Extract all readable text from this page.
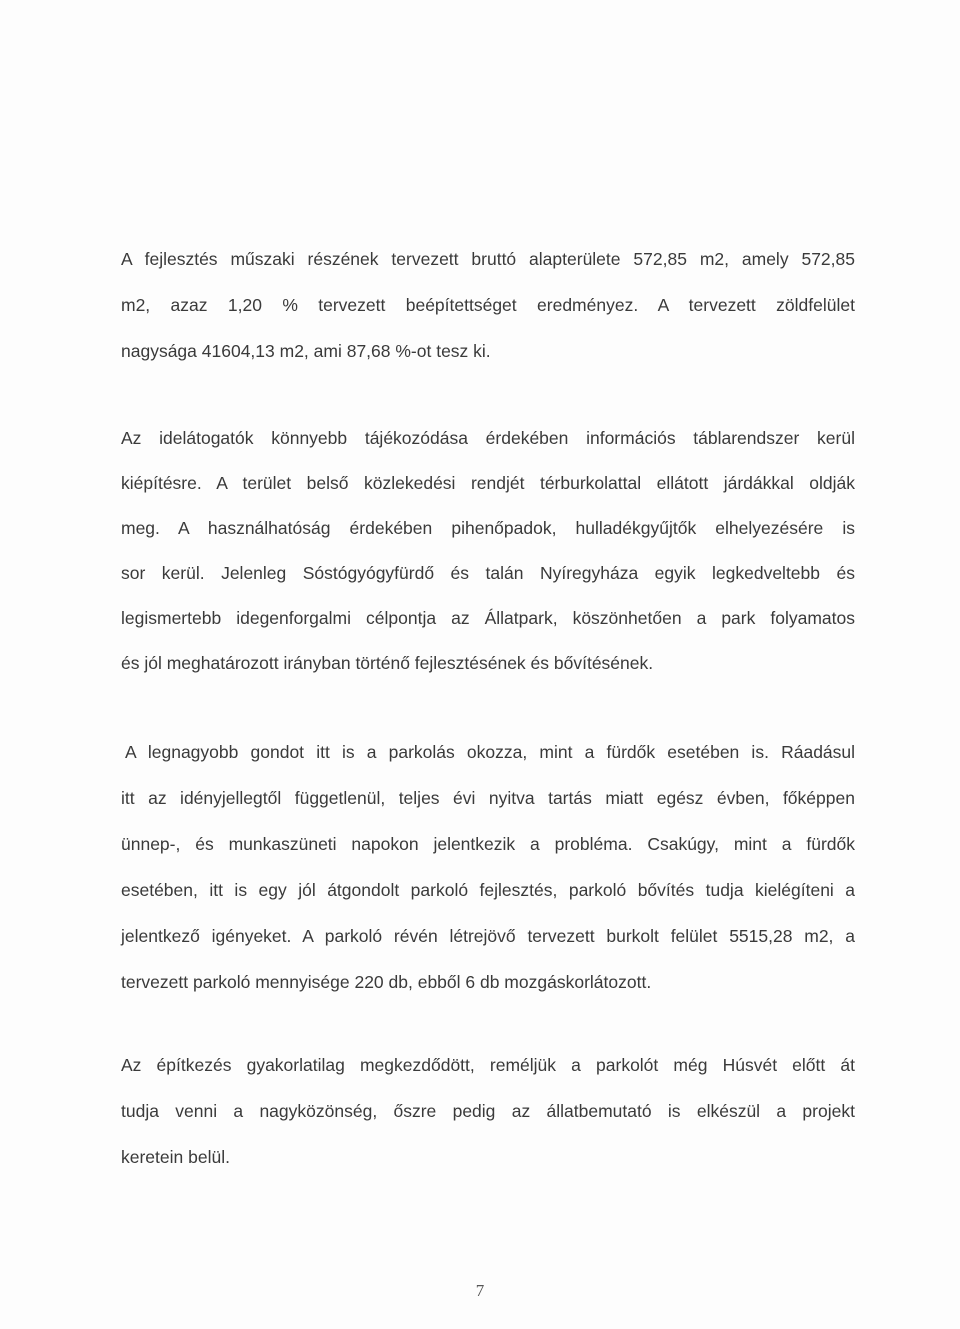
A fejlesztés műszaki részének tervezett bruttó alapterülete 572,85 m2, amely 572,85
m2, azaz 1,20 % tervezett beépítettséget eredményez. A tervezett zöldfelület
nagysága 41604,13 m2, ami 87,68 %-ot tesz ki.
Az idelátogatók könnyebb tájékozódása érdekében információs táblarendszer kerül
kiépítésre. A terület belső közlekedési rendjét térburkolattal ellátott járdákkal oldják
meg. A használhatóság érdekében pihenőpadok, hulladékgyűjtők elhelyezésére is
sor kerül. Jelenleg Sóstógyógyfürdő és talán Nyíregyháza egyik legkedveltebb és
legismertebb idegenforgalmi célpontja az Állatpark, köszönhetően a park folyamatos
és jól meghatározott irányban történő fejlesztésének és bővítésének.
A legnagyobb gondot itt is a parkolás okozza, mint a fürdők esetében is. Ráadásul
itt az idényjellegtől függetlenül, teljes évi nyitva tartás miatt egész évben, főképpen
ünnep-, és munkaszüneti napokon jelentkezik a probléma. Csakúgy, mint a fürdők
esetében, itt is egy jól átgondolt parkoló fejlesztés, parkoló bővítés tudja kielégíteni a
jelentkező igényeket. A parkoló révén létrejövő tervezett burkolt felület 5515,28 m2, a
tervezett parkoló mennyisége 220 db, ebből 6 db mozgáskorlátozott.
Az építkezés gyakorlatilag megkezdődött, reméljük a parkolót még Húsvét előtt át
tudja venni a nagyközönség, őszre pedig az állatbemutató is elkészül a projekt
keretein belül.
7
